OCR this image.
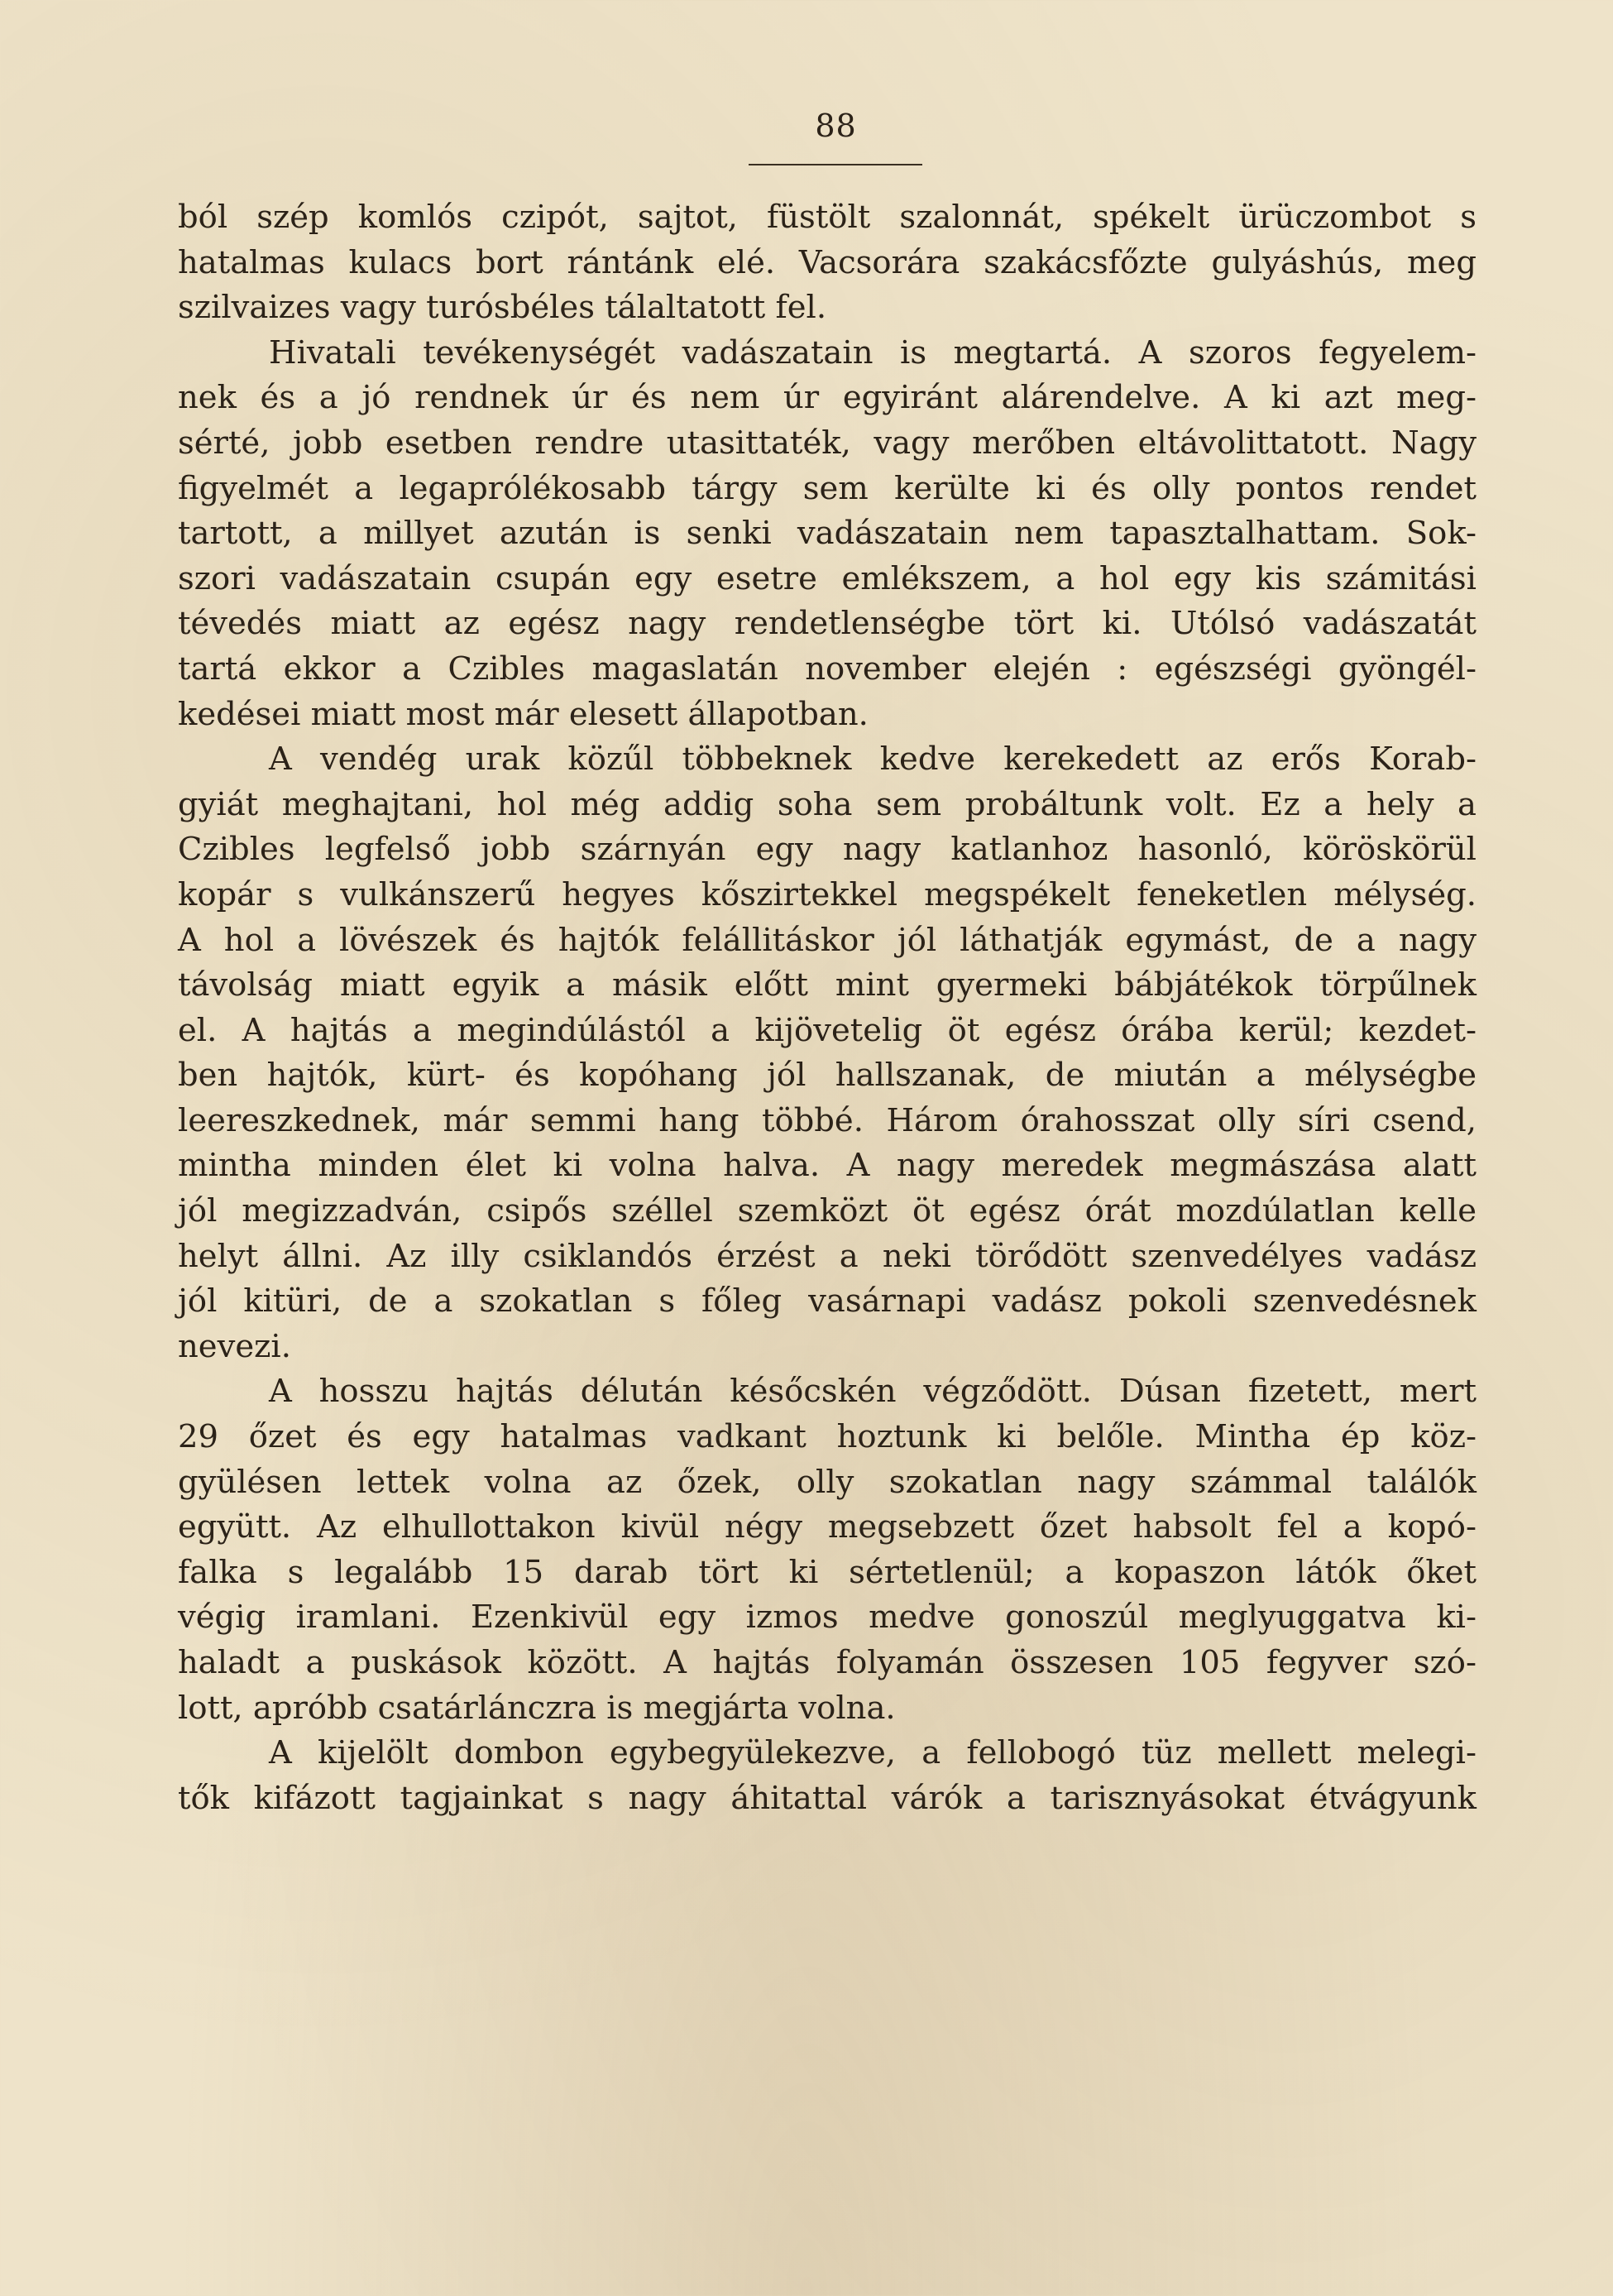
88
ból szép komlós czipót, sajtot, füstölt szalonnát, spékelt ürüczombot s
hatalmas kulacs bort rántánk elé. Vacsorára szakácsfőzte gulyáshús, meg
szilvaizes vagy turósbéles tálaltatott fel.
Hivatali tevékenységét vadászatain is megtartá. A szoros fegyelem-
nek és a jó rendnek úr és nem úr egyiránt alárendelve. A ki azt meg-
sérté, jobb esetben rendre utasittaték, vagy merőben eltávolittatott. Nagy
figyelmét a legaprólékosabb tárgy sem kerülte ki és olly pontos rendet
tartott, a millyet azután is senki vadászatain nem tapasztalhattam. Sok-
szori vadászatain csupán egy esetre emlékszem, a hol egy kis számitási
tévedés miatt az egész nagy rendetlenségbe tört ki. Utólsó vadászatát
tartá ekkor a Czibles magaslatán november elején : egészségi gyöngél-
kedései miatt most már elesett állapotban.
A vendég urak közűl többeknek kedve kerekedett az erős Korab-
gyiát meghajtani, hol még addig soha sem probáltunk volt. Ez a hely a
Czibles legfelső jobb szárnyán egy nagy katlanhoz hasonló, köröskörül
kopár s vulkánszerű hegyes kőszirtekkel megspékelt feneketlen mélység.
A hol a lövészek és hajtók felállitáskor jól láthatják egymást, de a nagy
távolság miatt egyik a másik előtt mint gyermeki bábjátékok törpűlnek
el. A hajtás a megindúlástól a kijövetelig öt egész órába kerül; kezdet-
ben hajtók, kürt- és kopóhang jól hallszanak, de miután a mélységbe
leereszkednek, már semmi hang többé. Három órahosszat olly síri csend,
mintha minden élet ki volna halva. A nagy meredek megmászása alatt
jól megizzadván, csipős széllel szemközt öt egész órát mozdúlatlan kelle
helyt állni. Az illy csiklandós érzést a neki törődött szenvedélyes vadász
jól kitüri, de a szokatlan s főleg vasárnapi vadász pokoli szenvedésnek
nevezi.
A hosszu hajtás délután későcskén végződött. Dúsan fizetett, mert
29 őzet és egy hatalmas vadkant hoztunk ki belőle. Mintha ép köz-
gyülésen lettek volna az őzek, olly szokatlan nagy számmal találók
együtt. Az elhullottakon kivül négy megsebzett őzet habsolt fel a kopó-
falka s legalább 15 darab tört ki sértetlenül; a kopaszon látók őket
végig iramlani. Ezenkivül egy izmos medve gonoszúl meglyuggatva ki-
haladt a puskások között. A hajtás folyamán összesen 105 fegyver szó-
lott, apróbb csatárlánczra is megjárta volna.
A kijelölt dombon egybegyülekezve, a fellobogó tüz mellett melegi-
tők kifázott tagjainkat s nagy áhitattal várók a tarisznyásokat étvágyunk
